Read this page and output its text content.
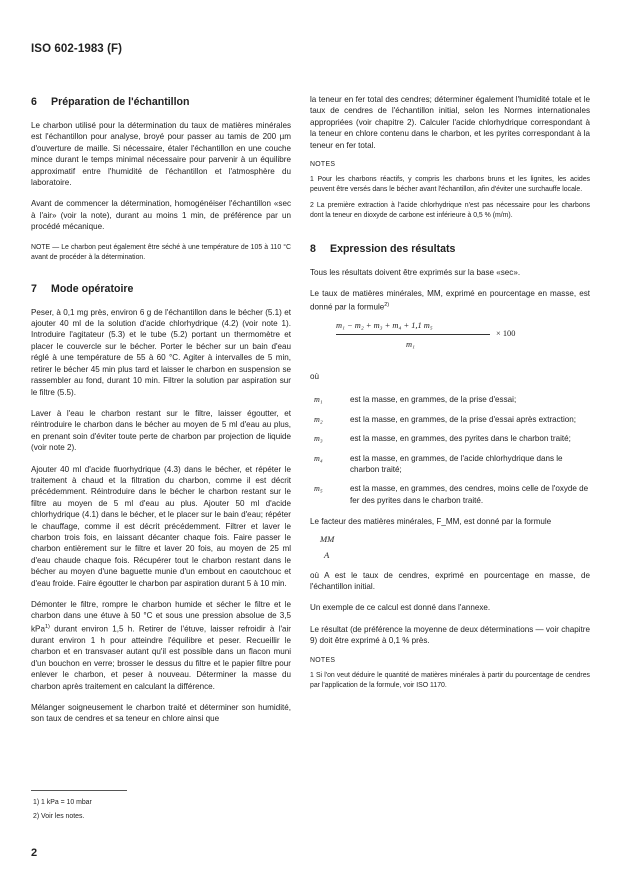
ISO 602-1983 (F)
6 Préparation de l'échantillon

Le charbon utilisé pour la détermination du taux de matières minérales est l'échantillon pour analyse, broyé pour passer au tamis de 200 µm d'ouverture de maille. Si nécessaire, étaler l'échantillon en une couche mince durant le temps minimal nécessaire pour parvenir à un équilibre approximatif entre l'humidité de l'échantillon et l'atmosphère du laboratoire.

Avant de commencer la détermination, homogénéiser l'échantillon «sec à l'air» (voir la note), durant au moins 1 min, de préférence par un procédé mécanique.

NOTE — Le charbon peut également être séché à une température de 105 à 110 °C avant de procéder à la détermination.

7 Mode opératoire

Peser, à 0,1 mg près, environ 6 g de l'échantillon dans le bécher (5.1) et ajouter 40 ml de la solution d'acide chlorhydrique (4.2) (voir note 1). Introduire l'agitateur (5.3) et le tube (5.2) portant un thermomètre et placer le couvercle sur le bécher. Porter le bécher sur un bain d'eau réglé à une température de 55 à 60 °C. Agiter à intervalles de 5 min, retirer le bécher 45 min plus tard et laisser le charbon en suspension se rassembler au fond, durant 10 min. Filtrer la solution par aspiration sur le filtre (5.5).

Laver à l'eau le charbon restant sur le filtre, laisser égoutter, et réintroduire le charbon dans le bécher au moyen de 5 ml d'eau au plus, en prenant soin d'éviter toute perte de charbon par projection de liquide (voir note 2).

Ajouter 40 ml d'acide fluorhydrique (4.3) dans le bécher, et répéter le traitement à chaud et la filtration du charbon, comme il est décrit précédemment. Réintroduire dans le bécher le charbon restant sur le filtre au moyen de 5 ml d'eau au plus. Ajouter 50 ml d'acide chlorhydrique (4.1) dans le bécher, et le placer sur le bain d'eau; répéter le chauffage, comme il est décrit précédemment. Filtrer et laver le charbon trois fois, en laissant décanter chaque fois. Faire passer le charbon entièrement sur le filtre et laver 20 fois, au moyen de 25 ml d'eau chaude chaque fois. Récupérer tout le charbon restant dans le bécher au moyen d'une baguette munie d'un embout en caoutchouc et d'eau froide. Faire égoutter le charbon par aspiration durant 5 à 10 min.

Démonter le filtre, rompre le charbon humide et sécher le filtre et le charbon dans une étuve à 50 °C et sous une pression absolue de 3,5 kPa$^{1)}$ durant environ 1,5 h. Retirer de l'étuve, laisser refroidir à l'air durant environ 1 h pour atteindre l'équilibre et peser. Recueillir le charbon et en transvaser autant qu'il est possible dans un flacon muni d'un bouchon en verre; brosser le dessus du filtre et le papier filtre pour enlever le charbon, et peser à nouveau. Déterminer la masse du charbon après traitement en calculant la différence.

Mélanger soigneusement le charbon traité et déterminer son humidité, son taux de cendres et sa teneur en chlore ainsi que

la teneur en fer total des cendres; déterminer également l'humidité totale et le taux de cendres de l'échantillon initial, selon les Normes internationales appropriées (voir chapitre 2). Calculer l'acide chlorhydrique correspondant à la teneur en chlore contenu dans le charbon, et les pyrites correspondant à la teneur en fer total.

NOTES

1 Pour les charbons réactifs, y compris les charbons bruns et les lignites, les acides peuvent être versés dans le bécher avant l'échantillon, afin d'éviter une surchauffe locale.

2 La première extraction à l'acide chlorhydrique n'est pas nécessaire pour les charbons dont la teneur en dioxyde de carbone est inférieure à 0,5 % (m/m).

8 Expression des résultats

Tous les résultats doivent être exprimés sur la base «sec».

Le taux de matières minérales, MM, exprimé en pourcentage en masse, est donné par la formule$^{2)}$

m₁ − m₂ + m₃ + m₄ + 1,1 m₅
m₁
× 100

où

m₁	est la masse, en grammes, de la prise d'essai;
m₂	est la masse, en grammes, de la prise d'essai après extraction;
m₃	est la masse, en grammes, des pyrites dans le charbon traité;
m₄	est la masse, en grammes, de l'acide chlorhydrique dans le charbon traité;
m₅	est la masse, en grammes, des cendres, moins celle de l'oxyde de fer des pyrites dans le charbon traité.

Le facteur des matières minérales, F_MM, est donné par la formule

MM
A

où A est le taux de cendres, exprimé en pourcentage en masse, de l'échantillon initial.

Un exemple de ce calcul est donné dans l'annexe.

Le résultat (de préférence la moyenne de deux déterminations — voir chapitre 9) doit être exprimé à 0,1 % près.

NOTES

1 Si l'on veut déduire le quantité de matières minérales à partir du pourcentage de cendres par l'application de la formule, voir ISO 1170.

1) 1 kPa = 10 mbar
2) Voir les notes.
2
